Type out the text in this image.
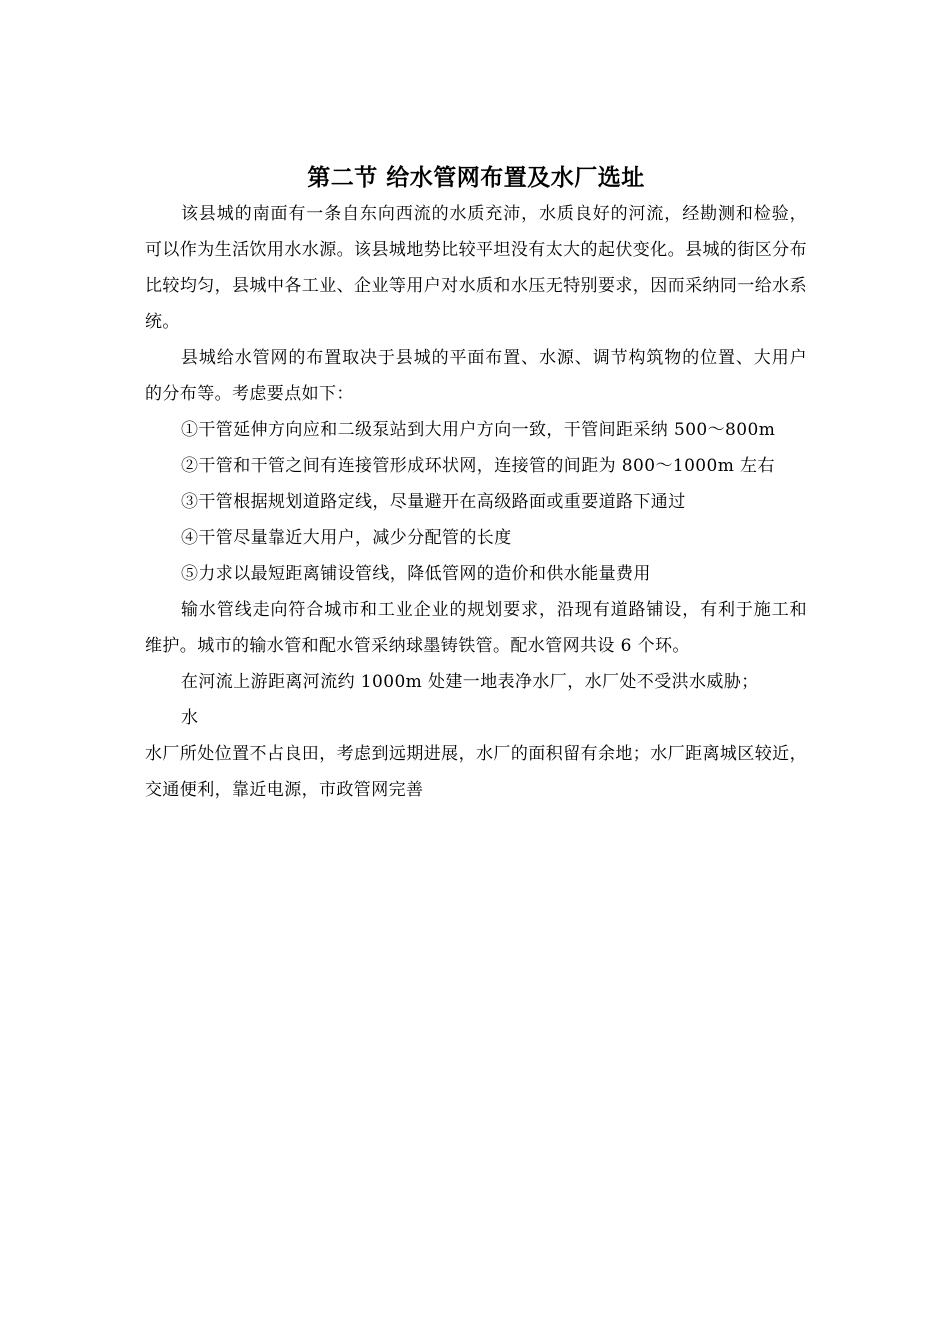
第二节 给水管网布置及水厂选址

该县城的南面有一条自东向西流的水质充沛，水质良好的河流，经勘测和检验，可以作为生活饮用水水源。该县城地势比较平坦没有太大的起伏变化。县城的街区分布比较均匀，县城中各工业、企业等用户对水质和水压无特别要求，因而采纳同一给水系统。

县城给水管网的布置取决于县城的平面布置、水源、调节构筑物的位置、大用户的分布等。考虑要点如下：

①干管延伸方向应和二级泵站到大用户方向一致，干管间距采纳 500～800m

②干管和干管之间有连接管形成环状网，连接管的间距为 800～1000m 左右

③干管根据规划道路定线，尽量避开在高级路面或重要道路下通过

④干管尽量靠近大用户，减少分配管的长度

⑤力求以最短距离铺设管线，降低管网的造价和供水能量费用

输水管线走向符合城市和工业企业的规划要求，沿现有道路铺设，有利于施工和维护。城市的输水管和配水管采纳球墨铸铁管。配水管网共设 6 个环。

在河流上游距离河流约 1000m 处建一地表净水厂，水厂处不受洪水威胁；

水

水厂所处位置不占良田，考虑到远期进展，水厂的面积留有余地；水厂距离城区较近，交通便利，靠近电源，市政管网完善
